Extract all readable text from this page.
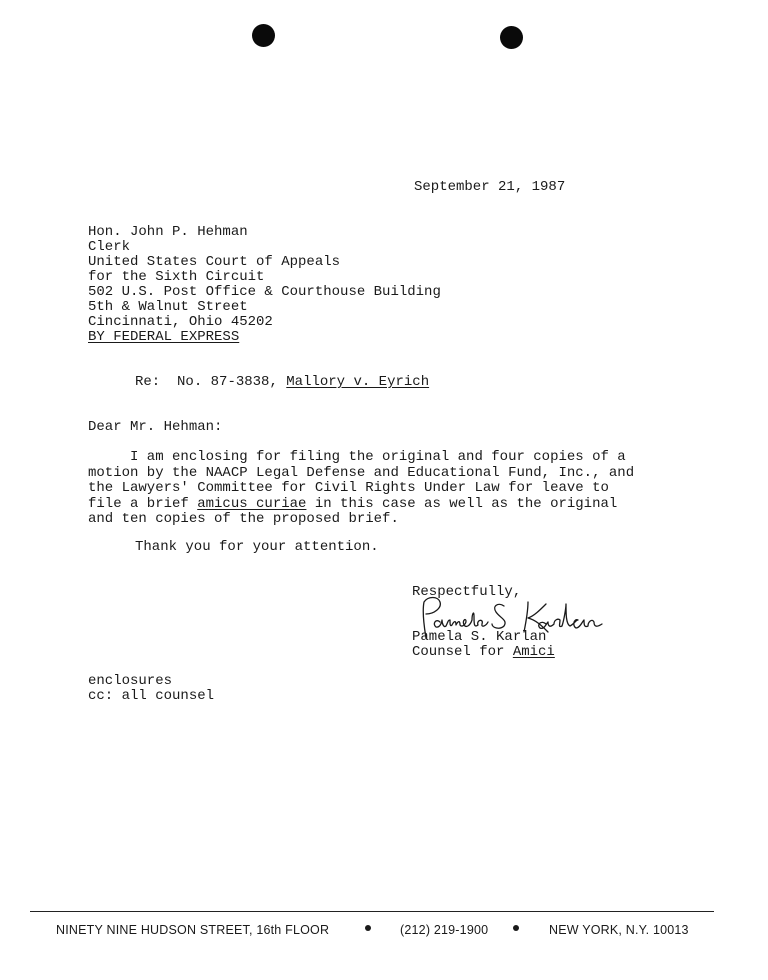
September 21, 1987
Hon. John P. Hehman
Clerk
United States Court of Appeals
for the Sixth Circuit
502 U.S. Post Office & Courthouse Building
5th & Walnut Street
Cincinnati, Ohio 45202
BY FEDERAL EXPRESS
Re: No. 87-3838, Mallory v. Eyrich
Dear Mr. Hehman:
I am enclosing for filing the original and four copies of a
motion by the NAACP Legal Defense and Educational Fund, Inc., and
the Lawyers' Committee for Civil Rights Under Law for leave to
file a brief amicus curiae in this case as well as the original
and ten copies of the proposed brief.
Thank you for your attention.
Respectfully,
Pamela S. Karlan
Counsel for Amici
enclosures
cc: all counsel
NINETY NINE HUDSON STREET, 16th FLOOR	(212) 219-1900	NEW YORK, N.Y. 10013
